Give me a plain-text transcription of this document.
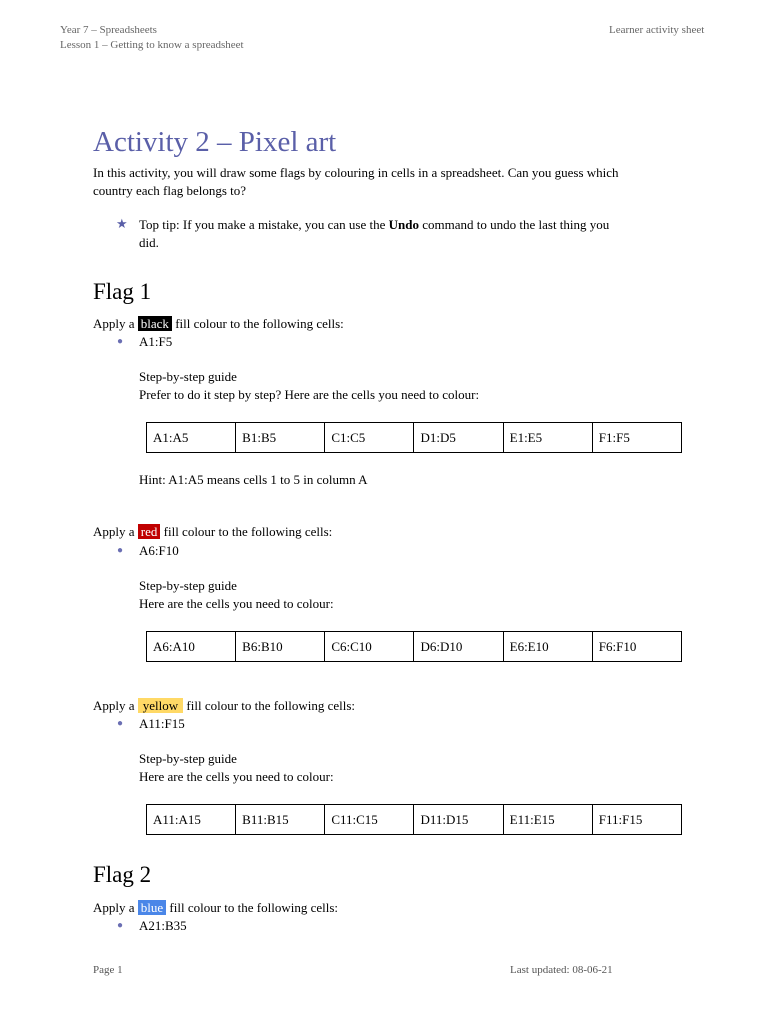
Year 7 – Spreadsheets
Lesson 1 – Getting to know a spreadsheet
Learner activity sheet
Activity 2 – Pixel art
In this activity, you will draw some flags by colouring in cells in a spreadsheet. Can you guess which
country each flag belongs to?
★ Top tip: If you make a mistake, you can use the Undo command to undo the last thing you
did.
Flag 1
Apply a black fill colour to the following cells:
● A1:F5
Step-by-step guide
Prefer to do it step by step? Here are the cells you need to colour:
A1:A5	B1:B5	C1:C5	D1:D5	E1:E5	F1:F5
Hint: A1:A5 means cells 1 to 5 in column A
Apply a red fill colour to the following cells:
● A6:F10
Step-by-step guide
Here are the cells you need to colour:
A6:A10	B6:B10	C6:C10	D6:D10	E6:E10	F6:F10
Apply a yellow fill colour to the following cells:
● A11:F15
Step-by-step guide
Here are the cells you need to colour:
A11:A15	B11:B15	C11:C15	D11:D15	E11:E15	F11:F15
Flag 2
Apply a blue fill colour to the following cells:
● A21:B35
Page 1	Last updated: 08-06-21
